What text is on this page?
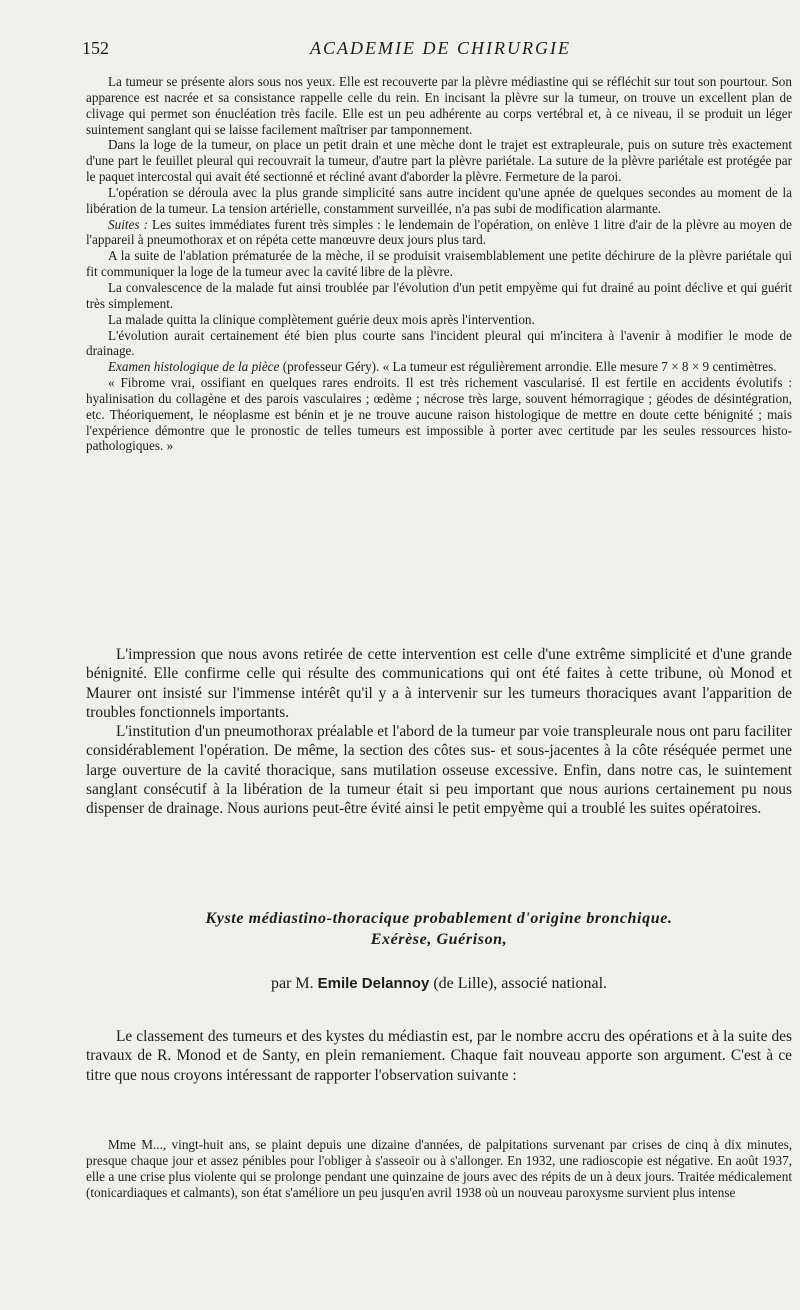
152	ACADEMIE DE CHIRURGIE

La tumeur se présente alors sous nos yeux. Elle est recouverte par la plèvre médiastine qui se réfléchit sur tout son pourtour. Son apparence est nacrée et sa consistance rappelle celle du rein. En incisant la plèvre sur la tumeur, on trouve un excellent plan de clivage qui permet son énucléation très facile. Elle est un peu adhérente au corps vertébral et, à ce niveau, il se produit un léger suintement sanglant qui se laisse facilement maîtriser par tamponnement.

Dans la loge de la tumeur, on place un petit drain et une mèche dont le trajet est extrapleurale, puis on suture très exactement d'une part le feuillet pleural qui recouvrait la tumeur, d'autre part la plèvre pariétale. La suture de la plèvre pariétale est protégée par le paquet intercostal qui avait été sectionné et récliné avant d'aborder la plèvre. Fermeture de la paroi.

L'opération se déroula avec la plus grande simplicité sans autre incident qu'une apnée de quelques secondes au moment de la libération de la tumeur. La tension artérielle, constamment surveillée, n'a pas subi de modification alarmante.

Suites : Les suites immédiates furent très simples : le lendemain de l'opération, on enlève 1 litre d'air de la plèvre au moyen de l'appareil à pneumothorax et on répéta cette manœuvre deux jours plus tard.

A la suite de l'ablation prématurée de la mèche, il se produisit vraisemblablement une petite déchirure de la plèvre pariétale qui fit communiquer la loge de la tumeur avec la cavité libre de la plèvre.

La convalescence de la malade fut ainsi troublée par l'évolution d'un petit empyème qui fut drainé au point déclive et qui guérit très simplement.

La malade quitta la clinique complètement guérie deux mois après l'intervention.

L'évolution aurait certainement été bien plus courte sans l'incident pleural qui m'incitera à l'avenir à modifier le mode de drainage.

Examen histologique de la pièce (professeur Géry). « La tumeur est régulièrement arrondie. Elle mesure 7 × 8 × 9 centimètres.

« Fibrome vrai, ossifiant en quelques rares endroits. Il est très richement vascularisé. Il est fertile en accidents évolutifs : hyalinisation du collagène et des parois vasculaires ; œdème ; nécrose très large, souvent hémorragique ; géodes de désintégration, etc. Théoriquement, le néoplasme est bénin et je ne trouve aucune raison histologique de mettre en doute cette bénignité ; mais l'expérience démontre que le pronostic de telles tumeurs est impossible à porter avec certitude par les seules ressources histo-pathologiques. »

L'impression que nous avons retirée de cette intervention est celle d'une extrême simplicité et d'une grande bénignité. Elle confirme celle qui résulte des communications qui ont été faites à cette tribune, où Monod et Maurer ont insisté sur l'immense intérêt qu'il y a à intervenir sur les tumeurs thoraciques avant l'apparition de troubles fonctionnels importants.

L'institution d'un pneumothorax préalable et l'abord de la tumeur par voie transpleurale nous ont paru faciliter considérablement l'opération. De même, la section des côtes sus- et sous-jacentes à la côte réséquée permet une large ouverture de la cavité thoracique, sans mutilation osseuse excessive. Enfin, dans notre cas, le suintement sanglant consécutif à la libération de la tumeur était si peu important que nous aurions certainement pu nous dispenser de drainage. Nous aurions peut-être évité ainsi le petit empyème qui a troublé les suites opératoires.

Kyste médiastino-thoracique probablement d'origine bronchique.
Exérèse, Guérison,
par M. Emile Delannoy (de Lille), associé national.

Le classement des tumeurs et des kystes du médiastin est, par le nombre accru des opérations et à la suite des travaux de R. Monod et de Santy, en plein remaniement. Chaque fait nouveau apporte son argument. C'est à ce titre que nous croyons intéressant de rapporter l'observation suivante :

Mme M..., vingt-huit ans, se plaint depuis une dizaine d'années, de palpitations survenant par crises de cinq à dix minutes, presque chaque jour et assez pénibles pour l'obliger à s'asseoir ou à s'allonger. En 1932, une radioscopie est négative. En août 1937, elle a une crise plus violente qui se prolonge pendant une quinzaine de jours avec des répits de un à deux jours. Traitée médicalement (tonicardiaques et calmants), son état s'améliore un peu jusqu'en avril 1938 où un nouveau paroxysme survient plus intense
